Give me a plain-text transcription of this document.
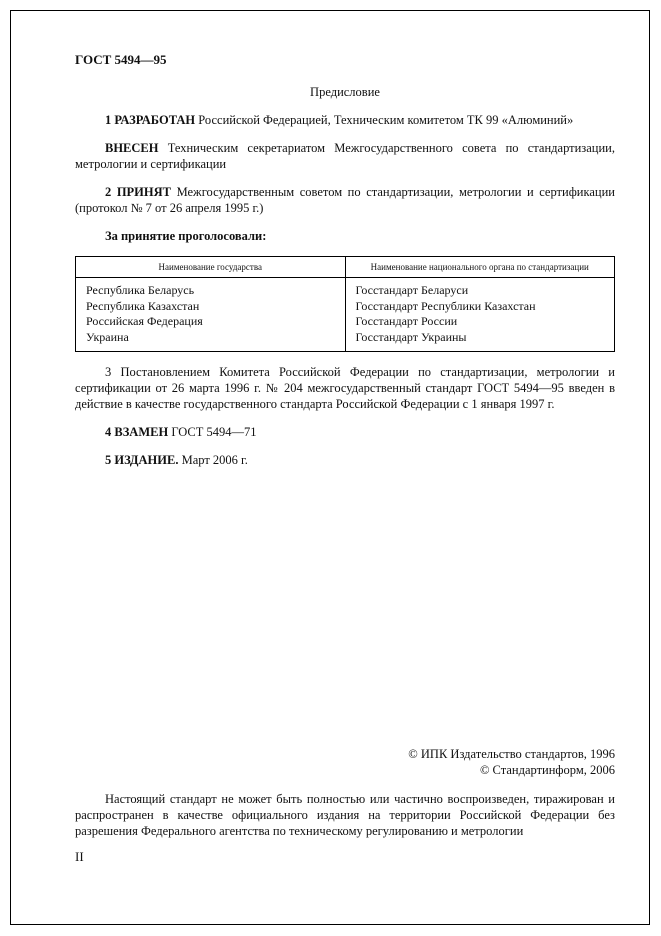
ГОСТ 5494—95
Предисловие

1 РАЗРАБОТАН Российской Федерацией, Техническим комитетом ТК 99 «Алюминий»

ВНЕСЕН Техническим секретариатом Межгосударственного совета по стандартизации, метрологии и сертификации

2 ПРИНЯТ Межгосударственным советом по стандартизации, метрологии и сертификации (протокол № 7 от 26 апреля 1995 г.)

За принятие проголосовали:

Наименование государства	Наименование национального органа по стандартизации
Республика Беларусь	Госстандарт Беларуси
Республика Казахстан	Госстандарт Республики Казахстан
Российская Федерация	Госстандарт России
Украина	Госстандарт Украины

3 Постановлением Комитета Российской Федерации по стандартизации, метрологии и сертификации от 26 марта 1996 г. № 204 межгосударственный стандарт ГОСТ 5494—95 введен в действие в качестве государственного стандарта Российской Федерации с 1 января 1997 г.

4 ВЗАМЕН ГОСТ 5494—71

5 ИЗДАНИЕ. Март 2006 г.

© ИПК Издательство стандартов, 1996
© Стандартинформ, 2006

Настоящий стандарт не может быть полностью или частично воспроизведен, тиражирован и распространен в качестве официального издания на территории Российской Федерации без разрешения Федерального агентства по техническому регулированию и метрологии

II
